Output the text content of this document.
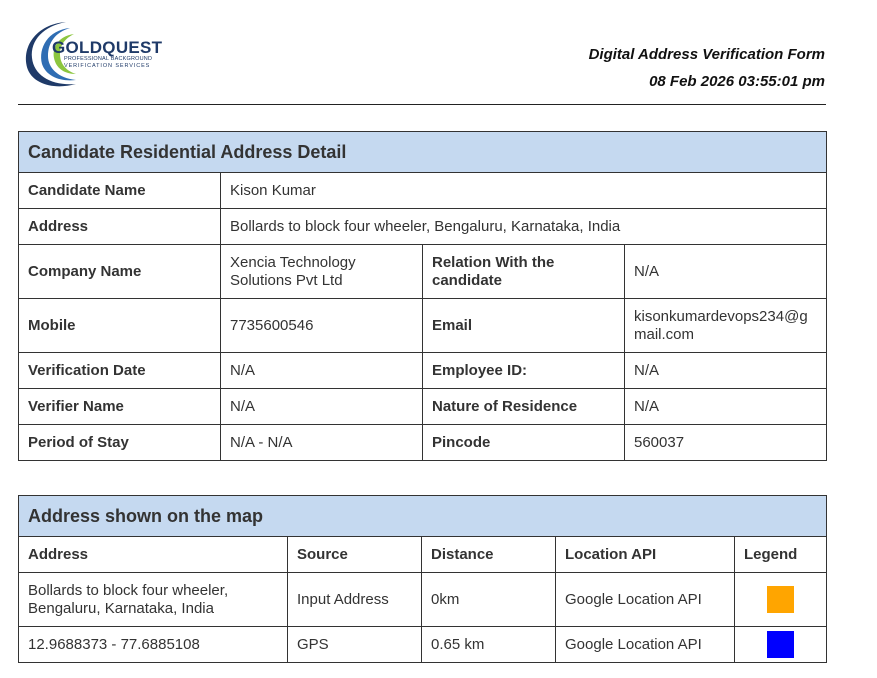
GOLDQUEST
PROFESSIONAL BACKGROUND
VERIFICATION SERVICES
Digital Address Verification Form
08 Feb 2026 03:55:01 pm
Candidate Residential Address Detail			
Candidate Name	Kison Kumar		
Address	Bollards to block four wheeler, Bengaluru, Karnataka, India		
Company Name	Xencia Technology Solutions Pvt Ltd	Relation With the candidate	N/A
Mobile	7735600546	Email	kisonkumardevops234@gmail.com
Verification Date	N/A	Employee ID:	N/A
Verifier Name	N/A	Nature of Residence	N/A
Period of Stay	N/A - N/A	Pincode	560037
Address shown on the map				
Address	Source	Distance	Location API	Legend
Bollards to block four wheeler, Bengaluru, Karnataka, India	Input Address	0km	Google Location API	
12.9688373 - 77.6885108	GPS	0.65 km	Google Location API	
